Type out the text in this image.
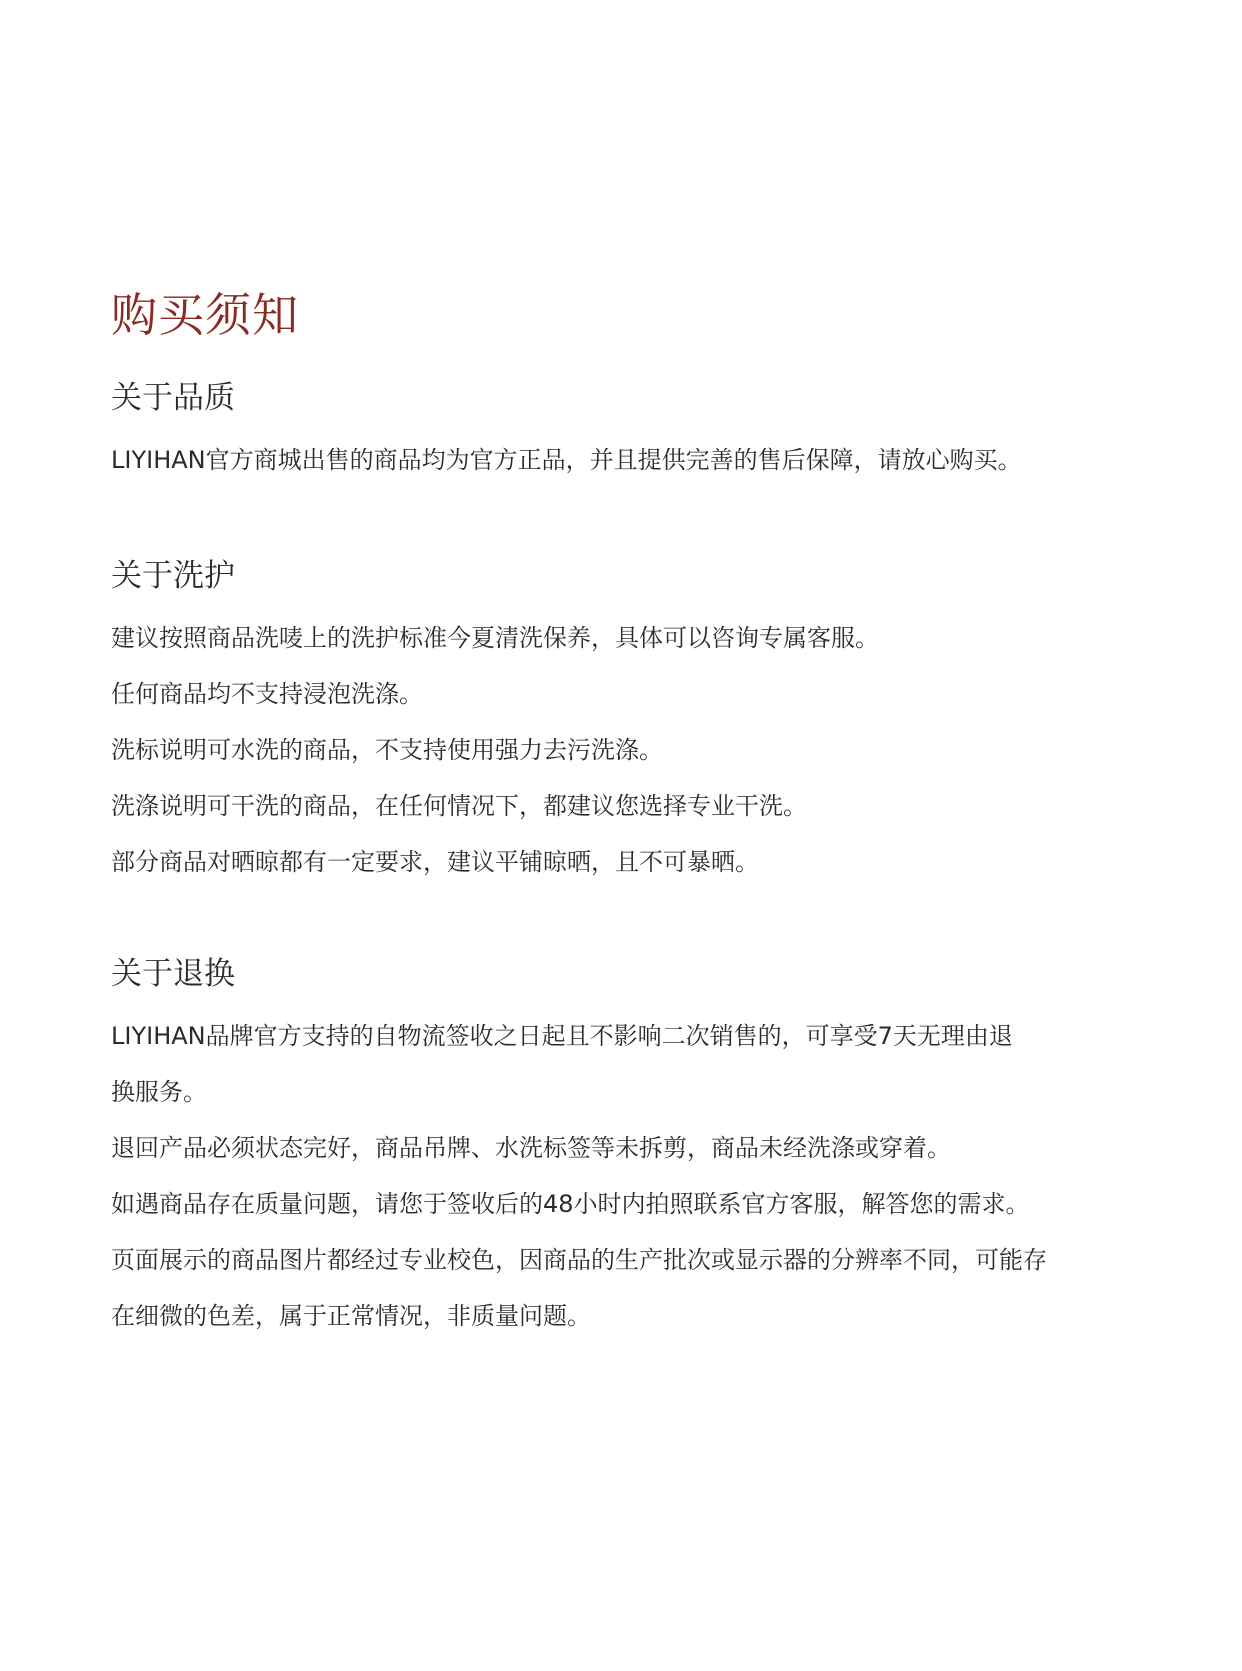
购买须知
关于品质

LIYIHAN官方商城出售的商品均为官方正品，并且提供完善的售后保障，请放心购买。

关于洗护

建议按照商品洗唛上的洗护标准今夏清洗保养，具体可以咨询专属客服。

任何商品均不支持浸泡洗涤。

洗标说明可水洗的商品，不支持使用强力去污洗涤。

洗涤说明可干洗的商品，在任何情况下，都建议您选择专业干洗。

部分商品对晒晾都有一定要求，建议平铺晾晒，且不可暴晒。

关于退换

LIYIHAN品牌官方支持的自物流签收之日起且不影响二次销售的，可享受7天无理由退
换服务。

退回产品必须状态完好，商品吊牌、水洗标签等未拆剪，商品未经洗涤或穿着。

如遇商品存在质量问题，请您于签收后的48小时内拍照联系官方客服，解答您的需求。

页面展示的商品图片都经过专业校色，因商品的生产批次或显示器的分辨率不同，可能存
在细微的色差，属于正常情况，非质量问题。
